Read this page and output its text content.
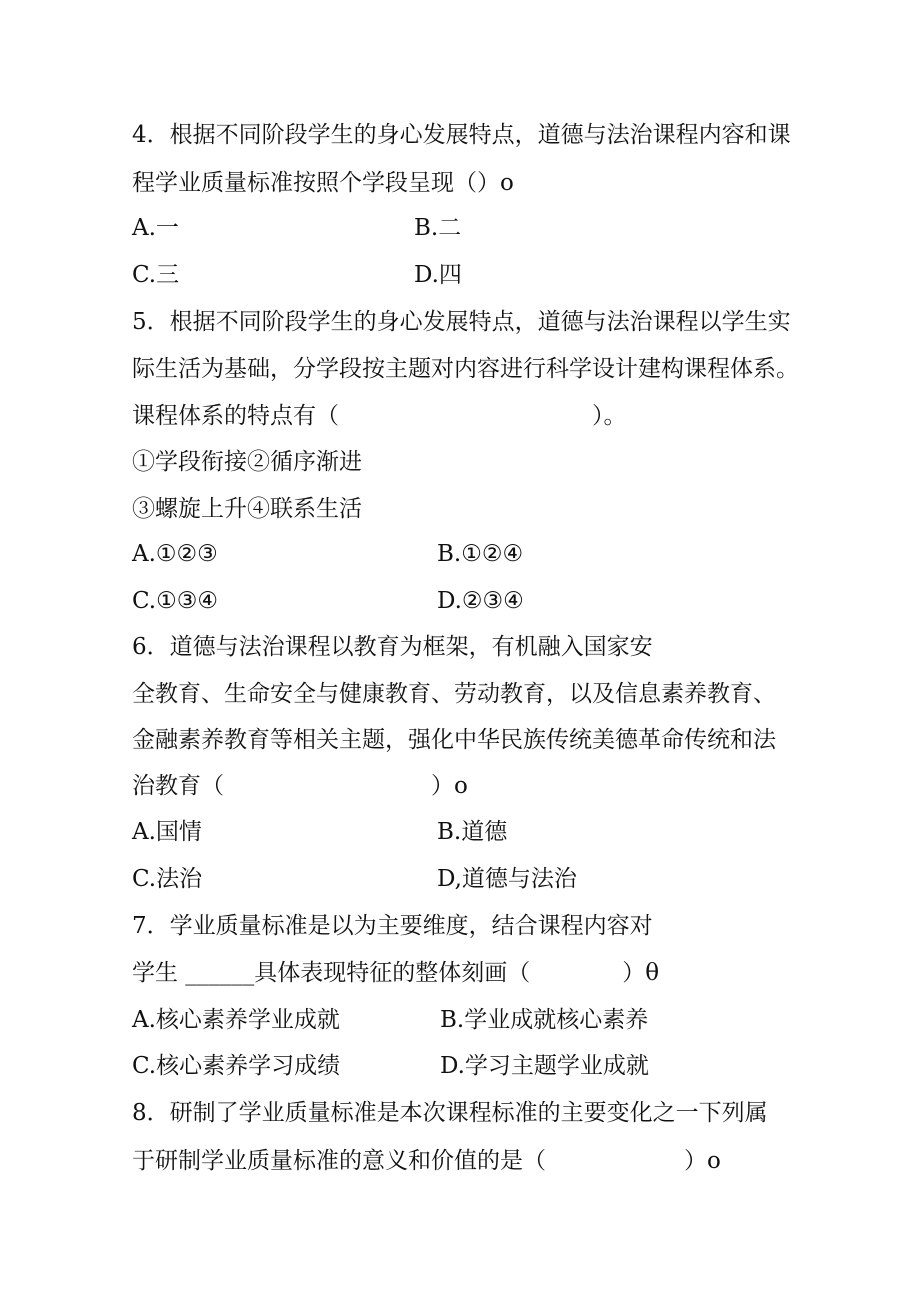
4．根据不同阶段学生的身心发展特点，道德与法治课程内容和课
程学业质量标准按照个学段呈现（）o
A.一	B.二
C.三	D.四
5．根据不同阶段学生的身心发展特点，道德与法治课程以学生实
际生活为基础，分学段按主题对内容进行科学设计建构课程体系。
课程体系的特点有（　　　　　　　　　　　）。
①学段衔接②循序渐进
③螺旋上升④联系生活
A.①②③	B.①②④
C.①③④	D.②③④
6．道德与法治课程以教育为框架，有机融入国家安
全教育、生命安全与健康教育、劳动教育，以及信息素养教育、
金融素养教育等相关主题，强化中华民族传统美德革命传统和法
治教育（　　　　　　　　　）o
A.国情	B.道德
C.法治	D,道德与法治
7．学业质量标准是以为主要维度，结合课程内容对
学生 ______具体表现特征的整体刻画（　　　　）θ
A.核心素养学业成就	B.学业成就核心素养
C.核心素养学习成绩	D.学习主题学业成就
8．研制了学业质量标准是本次课程标准的主要变化之一下列属
于研制学业质量标准的意义和价值的是（　　　　　　）o
